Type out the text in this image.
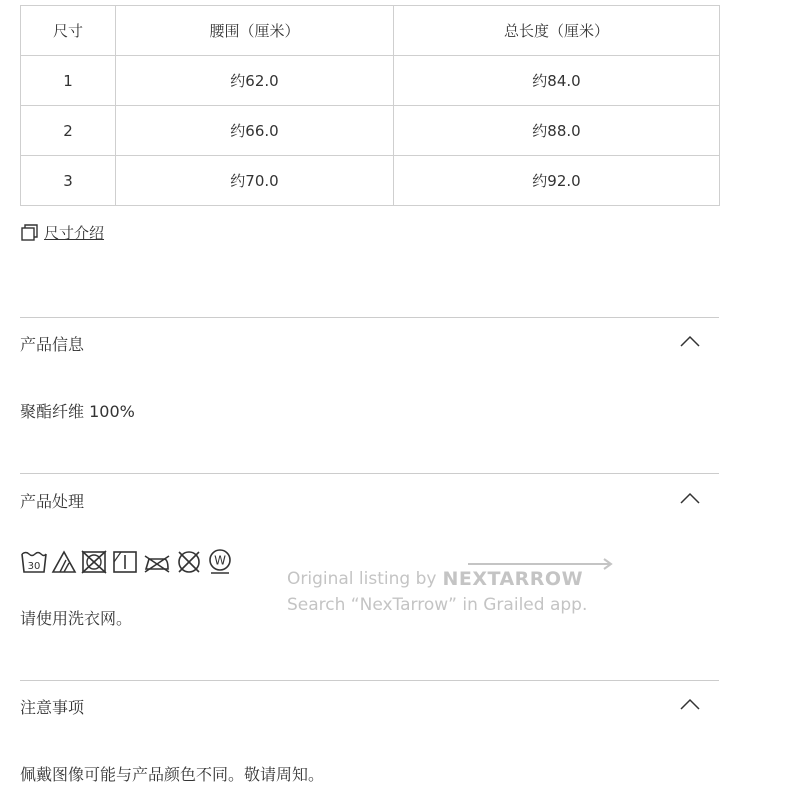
尺寸	腰围（厘米）	总长度（厘米）
1	约62.0	约84.0
2	约66.0	约88.0
3	约70.0	约92.0
尺寸介绍
产品信息
聚酯纤维 100%
产品处理
30	W
请使用洗衣网。
Original listing by NEXTARROW
Search “NexTarrow” in Grailed app.
注意事项
佩戴图像可能与产品颜色不同。敬请周知。
